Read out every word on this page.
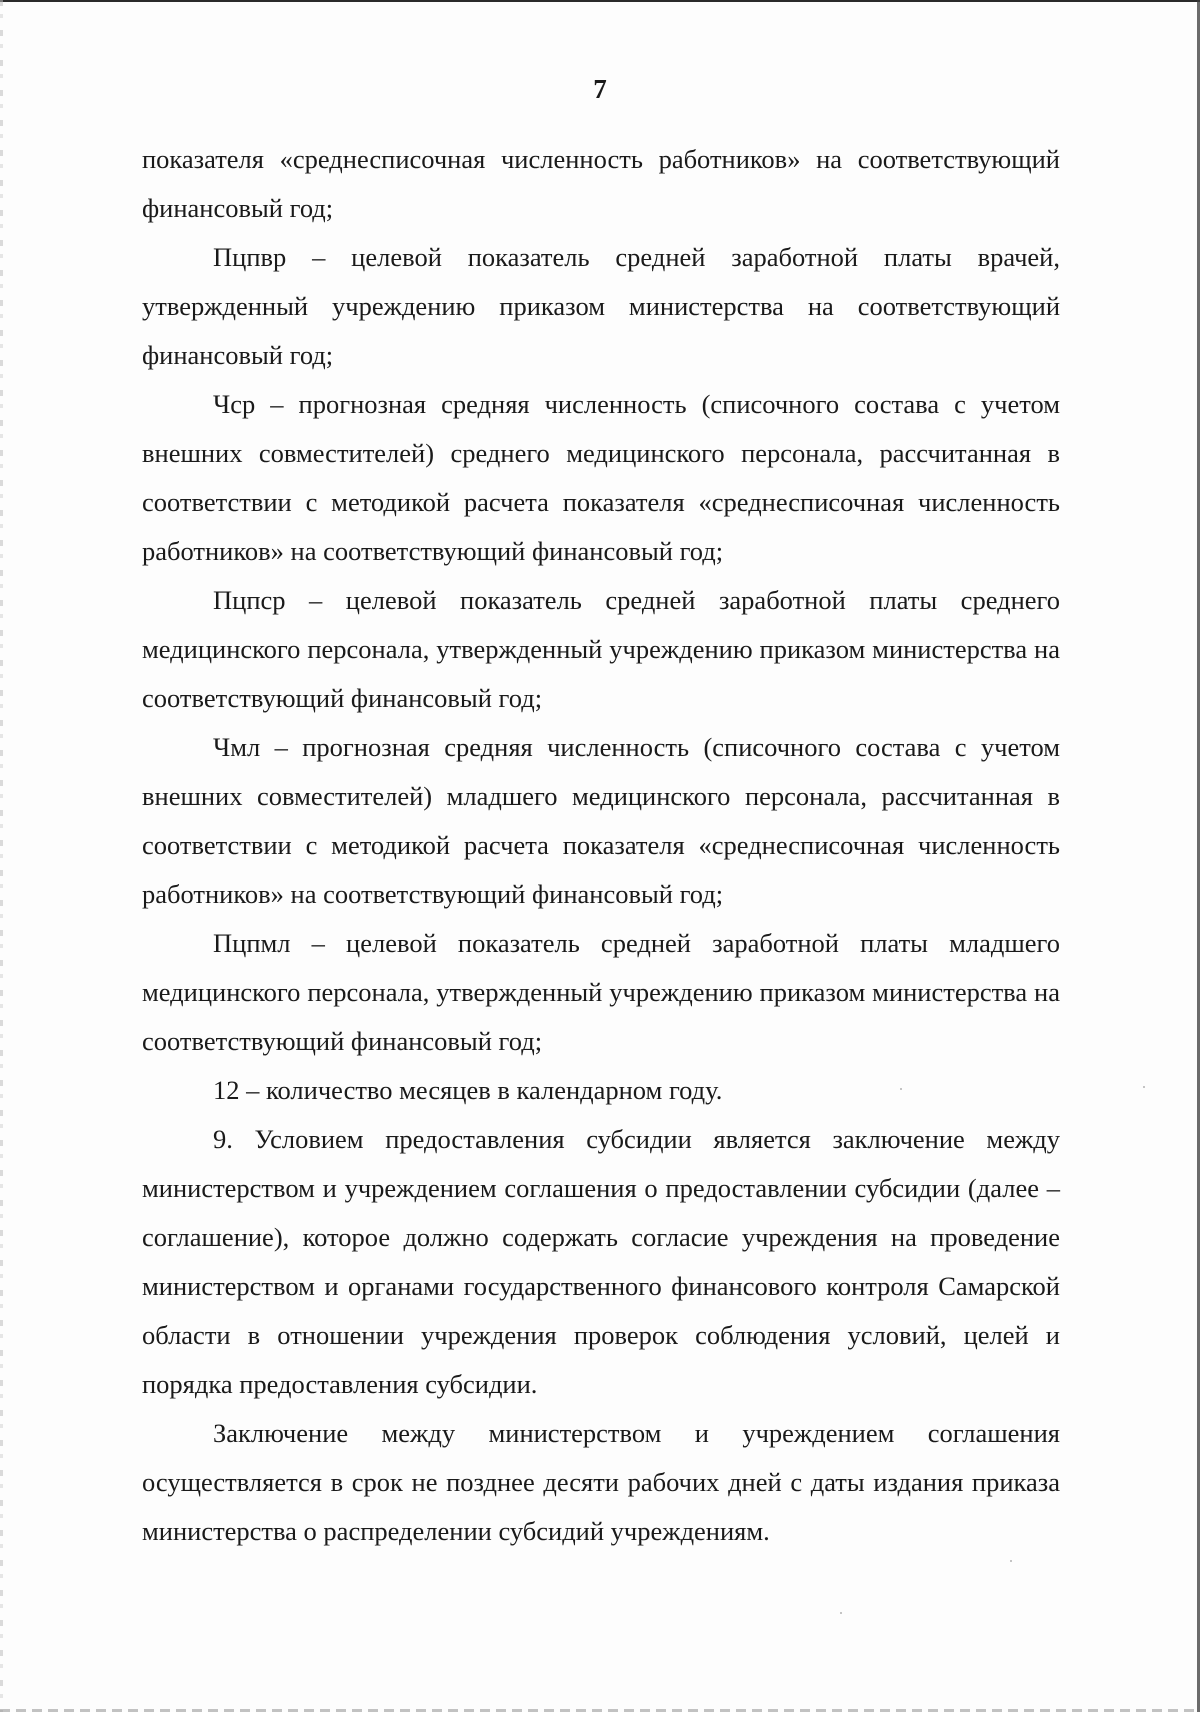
7

показателя «среднесписочная численность работников» на соответствующий финансовый год;

Пцпвр – целевой показатель средней заработной платы врачей, утвержденный учреждению приказом министерства на соответствующий финансовый год;

Чср – прогнозная средняя численность (списочного состава с учетом внешних совместителей) среднего медицинского персонала, рассчитанная в соответствии с методикой расчета показателя «среднесписочная численность работников» на соответствующий финансовый год;

Пцпср – целевой показатель средней заработной платы среднего медицинского персонала, утвержденный учреждению приказом министерства на соответствующий финансовый год;

Чмл – прогнозная средняя численность (списочного состава с учетом внешних совместителей) младшего медицинского персонала, рассчитанная в соответствии с методикой расчета показателя «среднесписочная численность работников» на соответствующий финансовый год;

Пцпмл – целевой показатель средней заработной платы младшего медицинского персонала, утвержденный учреждению приказом министерства на соответствующий финансовый год;

12 – количество месяцев в календарном году.

9. Условием предоставления субсидии является заключение между министерством и учреждением соглашения о предоставлении субсидии (далее – соглашение), которое должно содержать согласие учреждения на проведение министерством и органами государственного финансового контроля Самарской области в отношении учреждения проверок соблюдения условий, целей и порядка предоставления субсидии.

Заключение между министерством и учреждением соглашения осуществляется в срок не позднее десяти рабочих дней с даты издания приказа министерства о распределении субсидий учреждениям.
